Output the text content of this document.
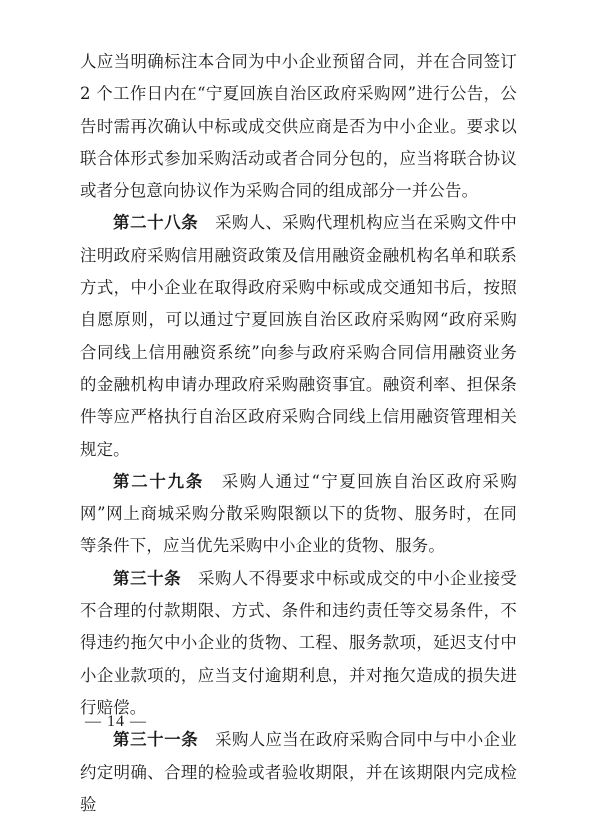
人应当明确标注本合同为中小企业预留合同，并在合同签订 2 个工作日内在“宁夏回族自治区政府采购网”进行公告，公告时需再次确认中标或成交供应商是否为中小企业。要求以联合体形式参加采购活动或者合同分包的，应当将联合协议或者分包意向协议作为采购合同的组成部分一并公告。

第二十八条　采购人、采购代理机构应当在采购文件中注明政府采购信用融资政策及信用融资金融机构名单和联系方式，中小企业在取得政府采购中标或成交通知书后，按照自愿原则，可以通过宁夏回族自治区政府采购网“政府采购合同线上信用融资系统”向参与政府采购合同信用融资业务的金融机构申请办理政府采购融资事宜。融资利率、担保条件等应严格执行自治区政府采购合同线上信用融资管理相关规定。

第二十九条　采购人通过“宁夏回族自治区政府采购网”网上商城采购分散采购限额以下的货物、服务时，在同等条件下，应当优先采购中小企业的货物、服务。

第三十条　采购人不得要求中标或成交的中小企业接受不合理的付款期限、方式、条件和违约责任等交易条件，不得违约拖欠中小企业的货物、工程、服务款项，延迟支付中小企业款项的，应当支付逾期利息，并对拖欠造成的损失进行赔偿。

第三十一条　采购人应当在政府采购合同中与中小企业约定明确、合理的检验或者验收期限，并在该期限内完成检验

— 14 —
